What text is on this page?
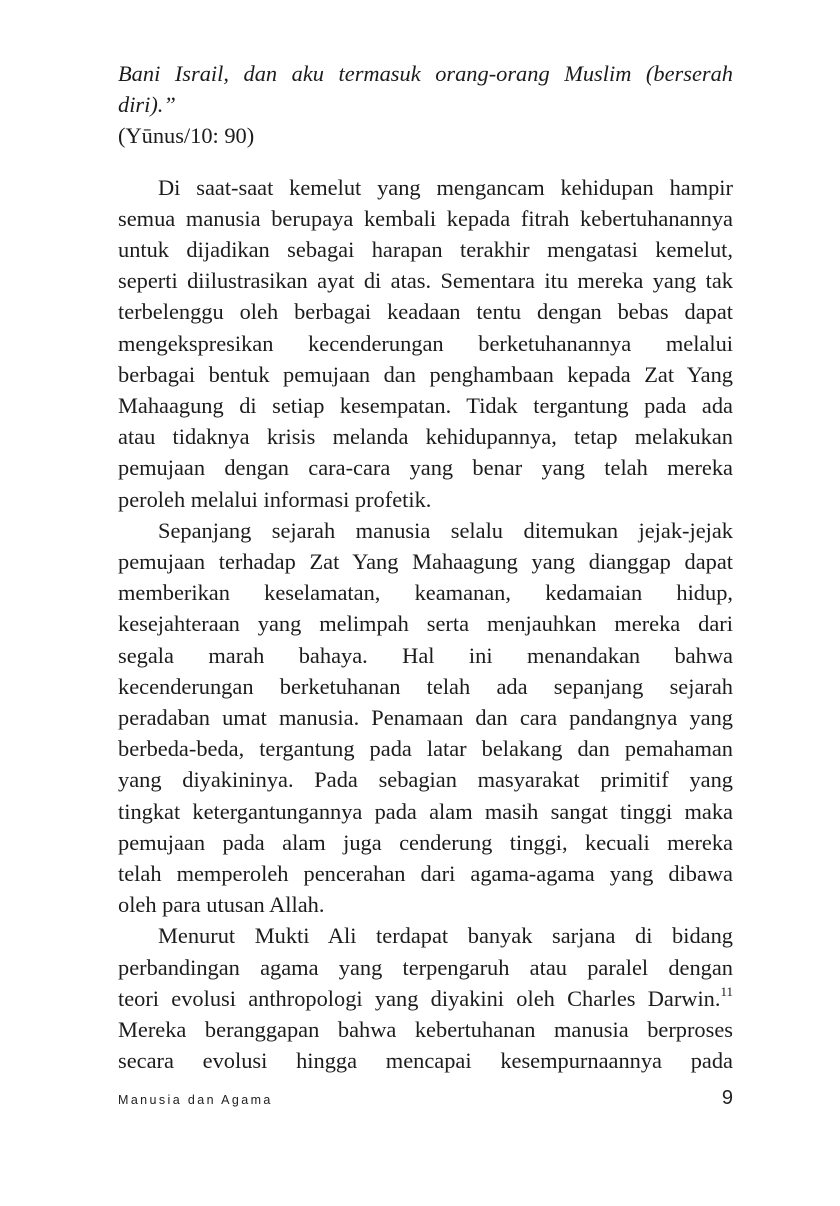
Bani Israil, dan aku termasuk orang-orang Muslim (berserah diri).”
(Yūnus/10: 90)

Di saat-saat kemelut yang mengancam kehidupan hampir
semua manusia berupaya kembali kepada fitrah kebertuhanannya
untuk dijadikan sebagai harapan terakhir mengatasi kemelut,
seperti diilustrasikan ayat di atas. Sementara itu mereka yang tak
terbelenggu oleh berbagai keadaan tentu dengan bebas dapat
mengekspresikan kecenderungan berketuhanannya melalui
berbagai bentuk pemujaan dan penghambaan kepada Zat Yang
Mahaagung di setiap kesempatan. Tidak tergantung pada ada
atau tidaknya krisis melanda kehidupannya, tetap melakukan
pemujaan dengan cara-cara yang benar yang telah mereka
peroleh melalui informasi profetik.

Sepanjang sejarah manusia selalu ditemukan jejak-jejak
pemujaan terhadap Zat Yang Mahaagung yang dianggap dapat
memberikan keselamatan, keamanan, kedamaian hidup,
kesejahteraan yang melimpah serta menjauhkan mereka dari
segala marah bahaya. Hal ini menandakan bahwa
kecenderungan berketuhanan telah ada sepanjang sejarah
peradaban umat manusia. Penamaan dan cara pandangnya yang
berbeda-beda, tergantung pada latar belakang dan pemahaman
yang diyakininya. Pada sebagian masyarakat primitif yang
tingkat ketergantungannya pada alam masih sangat tinggi maka
pemujaan pada alam juga cenderung tinggi, kecuali mereka
telah memperoleh pencerahan dari agama-agama yang dibawa
oleh para utusan Allah.

Menurut Mukti Ali terdapat banyak sarjana di bidang
perbandingan agama yang terpengaruh atau paralel dengan
teori evolusi anthropologi yang diyakini oleh Charles Darwin.$^{11}$
Mereka beranggapan bahwa kebertuhanan manusia berproses
secara evolusi hingga mencapai kesempurnaannya pada

Manusia dan Agama	9
